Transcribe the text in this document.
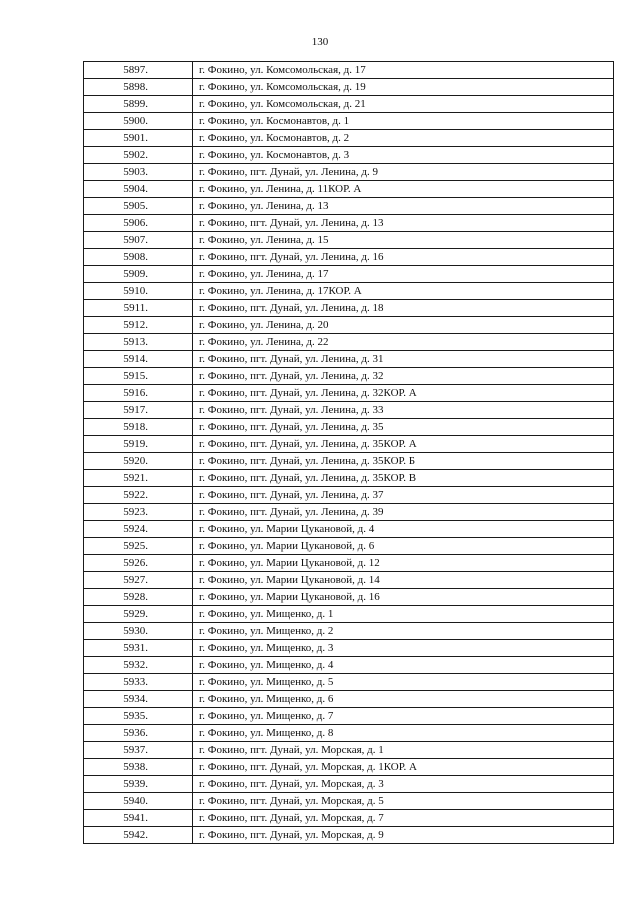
130
5897.	г. Фокино, ул. Комсомольская, д. 17
5898.	г. Фокино, ул. Комсомольская, д. 19
5899.	г. Фокино, ул. Комсомольская, д. 21
5900.	г. Фокино, ул. Космонавтов, д. 1
5901.	г. Фокино, ул. Космонавтов, д. 2
5902.	г. Фокино, ул. Космонавтов, д. 3
5903.	г. Фокино, пгт. Дунай, ул. Ленина, д. 9
5904.	г. Фокино, ул. Ленина, д. 11КОР. А
5905.	г. Фокино, ул. Ленина, д. 13
5906.	г. Фокино, пгт. Дунай, ул. Ленина, д. 13
5907.	г. Фокино, ул. Ленина, д. 15
5908.	г. Фокино, пгт. Дунай, ул. Ленина, д. 16
5909.	г. Фокино, ул. Ленина, д. 17
5910.	г. Фокино, ул. Ленина, д. 17КОР. А
5911.	г. Фокино, пгт. Дунай, ул. Ленина, д. 18
5912.	г. Фокино, ул. Ленина, д. 20
5913.	г. Фокино, ул. Ленина, д. 22
5914.	г. Фокино, пгт. Дунай, ул. Ленина, д. 31
5915.	г. Фокино, пгт. Дунай, ул. Ленина, д. 32
5916.	г. Фокино, пгт. Дунай, ул. Ленина, д. 32КОР. А
5917.	г. Фокино, пгт. Дунай, ул. Ленина, д. 33
5918.	г. Фокино, пгт. Дунай, ул. Ленина, д. 35
5919.	г. Фокино, пгт. Дунай, ул. Ленина, д. 35КОР. А
5920.	г. Фокино, пгт. Дунай, ул. Ленина, д. 35КОР. Б
5921.	г. Фокино, пгт. Дунай, ул. Ленина, д. 35КОР. В
5922.	г. Фокино, пгт. Дунай, ул. Ленина, д. 37
5923.	г. Фокино, пгт. Дунай, ул. Ленина, д. 39
5924.	г. Фокино, ул. Марии Цукановой, д. 4
5925.	г. Фокино, ул. Марии Цукановой, д. 6
5926.	г. Фокино, ул. Марии Цукановой, д. 12
5927.	г. Фокино, ул. Марии Цукановой, д. 14
5928.	г. Фокино, ул. Марии Цукановой, д. 16
5929.	г. Фокино, ул. Мищенко, д. 1
5930.	г. Фокино, ул. Мищенко, д. 2
5931.	г. Фокино, ул. Мищенко, д. 3
5932.	г. Фокино, ул. Мищенко, д. 4
5933.	г. Фокино, ул. Мищенко, д. 5
5934.	г. Фокино, ул. Мищенко, д. 6
5935.	г. Фокино, ул. Мищенко, д. 7
5936.	г. Фокино, ул. Мищенко, д. 8
5937.	г. Фокино, пгт. Дунай, ул. Морская, д. 1
5938.	г. Фокино, пгт. Дунай, ул. Морская, д. 1КОР. А
5939.	г. Фокино, пгт. Дунай, ул. Морская, д. 3
5940.	г. Фокино, пгт. Дунай, ул. Морская, д. 5
5941.	г. Фокино, пгт. Дунай, ул. Морская, д. 7
5942.	г. Фокино, пгт. Дунай, ул. Морская, д. 9
